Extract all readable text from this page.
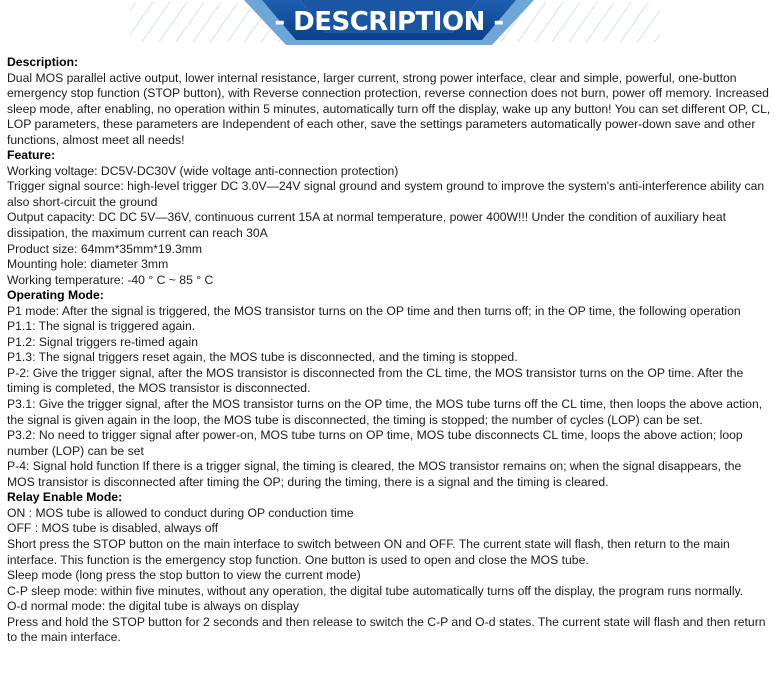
- DESCRIPTION -

Description:

Dual MOS parallel active output, lower internal resistance, larger current, strong power interface, clear and simple, powerful, one-button emergency stop function (STOP button), with Reverse connection protection, reverse connection does not burn, power off memory. Increased sleep mode, after enabling, no operation within 5 minutes, automatically turn off the display, wake up any button! You can set different OP, CL, LOP parameters, these parameters are Independent of each other, save the settings parameters automatically power-down save and other functions, almost meet all needs!

Feature:

Working voltage: DC5V-DC30V (wide voltage anti-connection protection)

Trigger signal source: high-level trigger DC 3.0V—24V signal ground and system ground to improve the system's anti-interference ability can also short-circuit the ground

Output capacity: DC DC 5V—36V, continuous current 15A at normal temperature, power 400W!!! Under the condition of auxiliary heat dissipation, the maximum current can reach 30A

Product size: 64mm*35mm*19.3mm

Mounting hole: diameter 3mm

Working temperature: -40 ° C ~ 85 ° C

Operating Mode:

P1 mode: After the signal is triggered, the MOS transistor turns on the OP time and then turns off; in the OP time, the following operation

P1.1: The signal is triggered again.

P1.2: Signal triggers re-timed again

P1.3: The signal triggers reset again, the MOS tube is disconnected, and the timing is stopped.

P-2: Give the trigger signal, after the MOS transistor is disconnected from the CL time, the MOS transistor turns on the OP time. After the timing is completed, the MOS transistor is disconnected.

P3.1: Give the trigger signal, after the MOS transistor turns on the OP time, the MOS tube turns off the CL time, then loops the above action, the signal is given again in the loop, the MOS tube is disconnected, the timing is stopped; the number of cycles (LOP) can be set.

P3.2: No need to trigger signal after power-on, MOS tube turns on OP time, MOS tube disconnects CL time, loops the above action; loop number (LOP) can be set

P-4: Signal hold function If there is a trigger signal, the timing is cleared, the MOS transistor remains on; when the signal disappears, the MOS transistor is disconnected after timing the OP; during the timing, there is a signal and the timing is cleared.

Relay Enable Mode:

ON : MOS tube is allowed to conduct during OP conduction time

OFF : MOS tube is disabled, always off

Short press the STOP button on the main interface to switch between ON and OFF. The current state will flash, then return to the main interface. This function is the emergency stop function. One button is used to open and close the MOS tube.

Sleep mode (long press the stop button to view the current mode)

C-P sleep mode: within five minutes, without any operation, the digital tube automatically turns off the display, the program runs normally.

O-d normal mode: the digital tube is always on display

Press and hold the STOP button for 2 seconds and then release to switch the C-P and O-d states. The current state will flash and then return to the main interface.
